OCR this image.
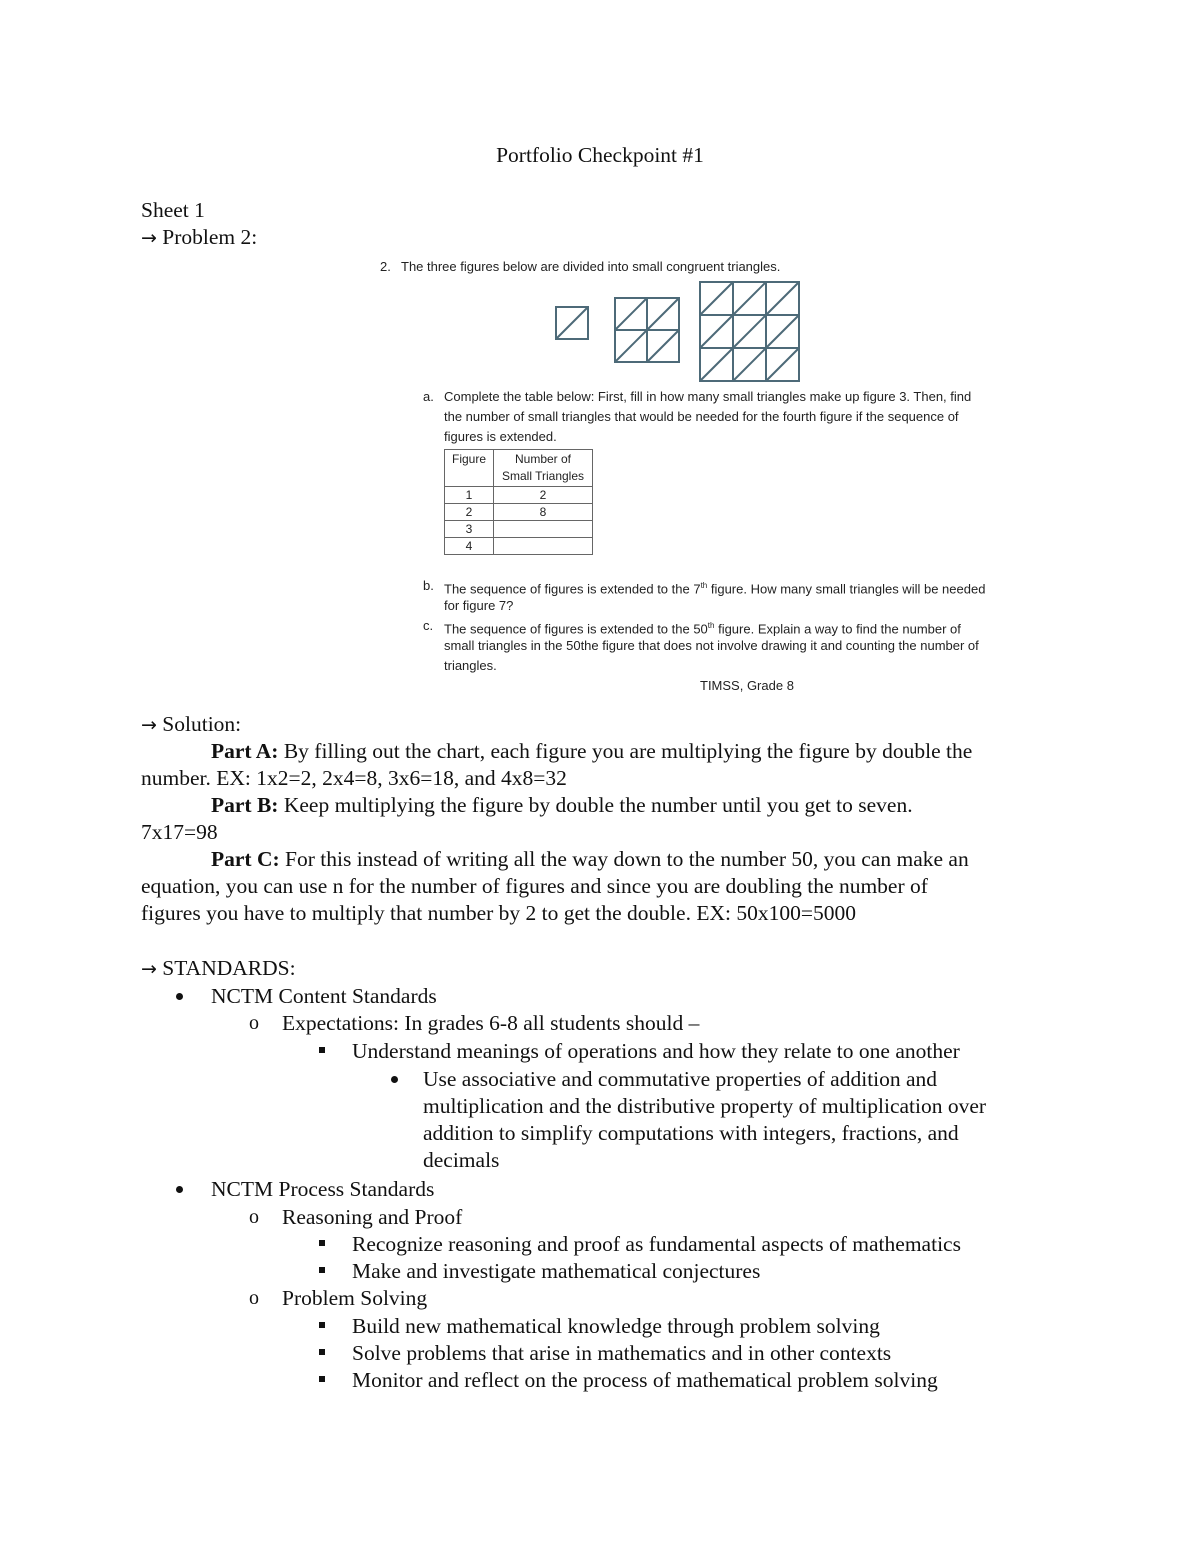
Portfolio Checkpoint #1
Sheet 1
→ Problem 2:
2. The three figures below are divided into small congruent triangles.
a. Complete the table below: First, fill in how many small triangles make up figure 3. Then, find
the number of small triangles that would be needed for the fourth figure if the sequence of
figures is extended.
Figure	Number of
Small Triangles
1	2
2	8
3	
4	
b. The sequence of figures is extended to the 7th figure. How many small triangles will be needed
for figure 7?
c. The sequence of figures is extended to the 50th figure. Explain a way to find the number of
small triangles in the 50the figure that does not involve drawing it and counting the number of
triangles.
TIMSS, Grade 8
→ Solution:
Part A: By filling out the chart, each figure you are multiplying the figure by double the
number. EX: 1x2=2, 2x4=8, 3x6=18, and 4x8=32
Part B: Keep multiplying the figure by double the number until you get to seven.
7x17=98
Part C: For this instead of writing all the way down to the number 50, you can make an
equation, you can use n for the number of figures and since you are doubling the number of
figures you have to multiply that number by 2 to get the double. EX: 50x100=5000
→ STANDARDS:
NCTM Content Standards
o Expectations: In grades 6-8 all students should –
Understand meanings of operations and how they relate to one another
Use associative and commutative properties of addition and
multiplication and the distributive property of multiplication over
addition to simplify computations with integers, fractions, and
decimals
NCTM Process Standards
o Reasoning and Proof
Recognize reasoning and proof as fundamental aspects of mathematics
Make and investigate mathematical conjectures
o Problem Solving
Build new mathematical knowledge through problem solving
Solve problems that arise in mathematics and in other contexts
Monitor and reflect on the process of mathematical problem solving
